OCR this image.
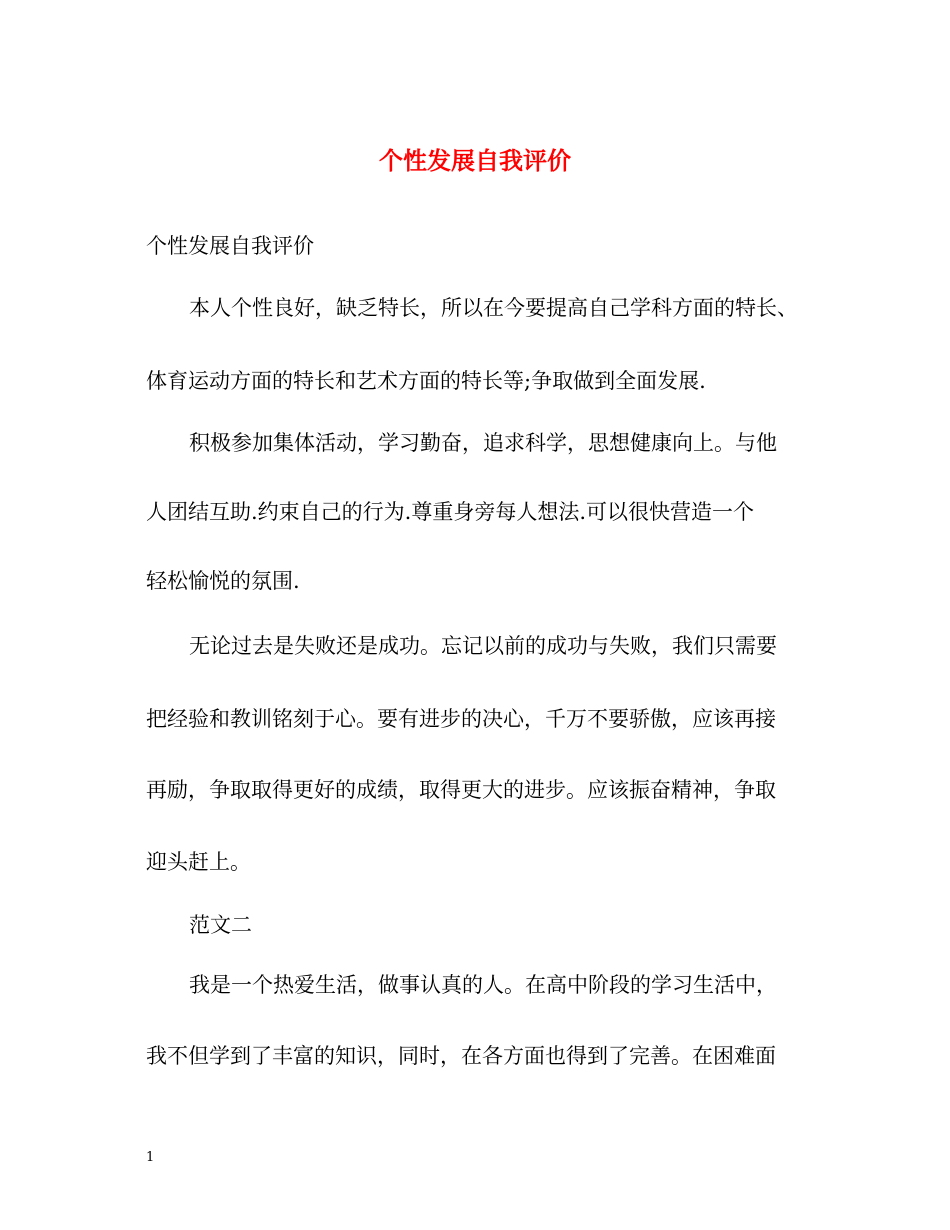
个性发展自我评价
个性发展自我评价
本人个性良好，缺乏特长，所以在今要提高自己学科方面的特长、
体育运动方面的特长和艺术方面的特长等;争取做到全面发展.
积极参加集体活动，学习勤奋，追求科学，思想健康向上。与他
人团结互助.约束自己的行为.尊重身旁每人想法.可以很快营造一个
轻松愉悦的氛围.
无论过去是失败还是成功。忘记以前的成功与失败，我们只需要
把经验和教训铭刻于心。要有进步的决心，千万不要骄傲，应该再接
再励，争取取得更好的成绩，取得更大的进步。应该振奋精神，争取
迎头赶上。
范文二
我是一个热爱生活，做事认真的人。在高中阶段的学习生活中，
我不但学到了丰富的知识，同时，在各方面也得到了完善。在困难面
1
